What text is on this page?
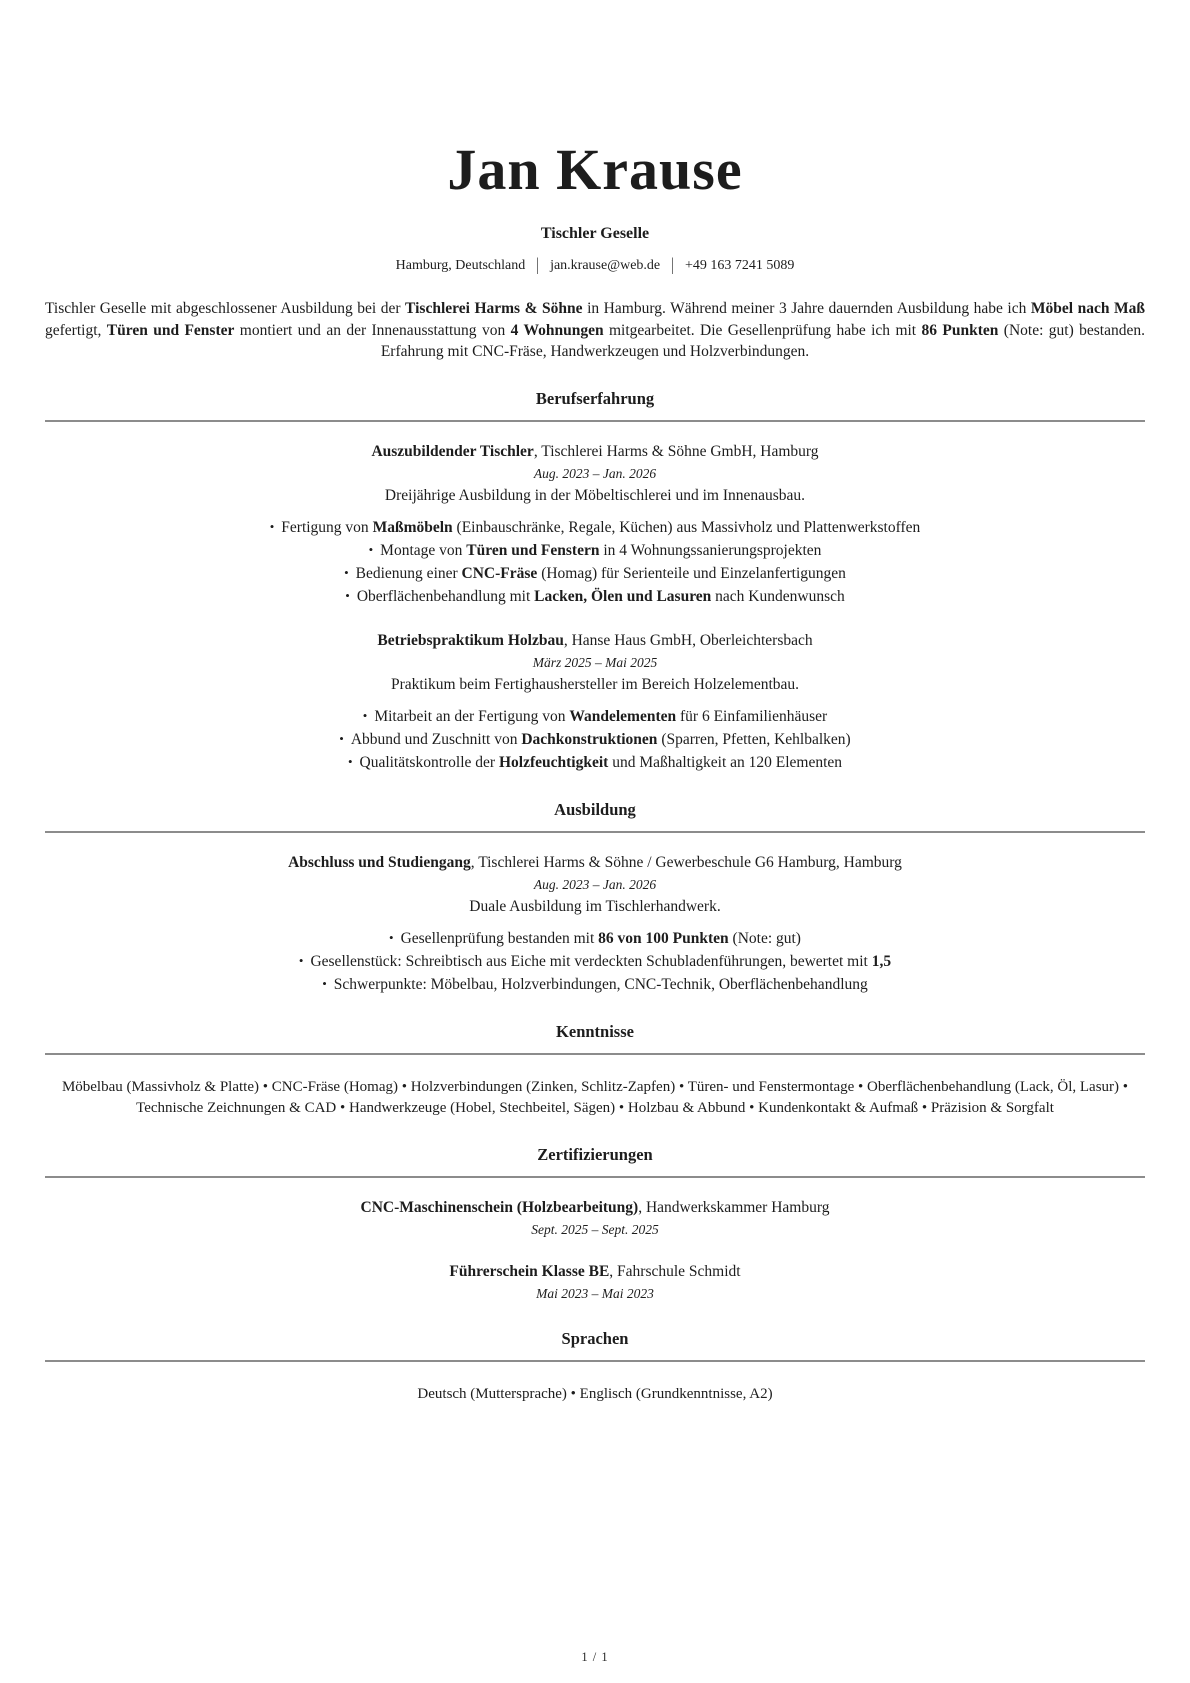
Jan Krause
Tischler Geselle
Hamburg, Deutschland | jan.krause@web.de | +49 163 7241 5089

Tischler Geselle mit abgeschlossener Ausbildung bei der Tischlerei Harms & Söhne in Hamburg. Während meiner 3 Jahre dauernden Ausbildung habe ich Möbel nach Maß gefertigt, Türen und Fenster montiert und an der Innenausstattung von 4 Wohnungen mitgearbeitet. Die Gesellenprüfung habe ich mit 86 Punkten (Note: gut) bestanden. Erfahrung mit CNC-Fräse, Handwerkzeugen und Holzverbindungen.

Berufserfahrung
Auszubildender Tischler, Tischlerei Harms & Söhne GmbH, Hamburg
Aug. 2023 – Jan. 2026
Dreijährige Ausbildung in der Möbeltischlerei und im Innenausbau.
• Fertigung von Maßmöbeln (Einbauschränke, Regale, Küchen) aus Massivholz und Plattenwerkstoffen
• Montage von Türen und Fenstern in 4 Wohnungssanierungsprojekten
• Bedienung einer CNC-Fräse (Homag) für Serienteile und Einzelanfertigungen
• Oberflächenbehandlung mit Lacken, Ölen und Lasuren nach Kundenwunsch
Betriebspraktikum Holzbau, Hanse Haus GmbH, Oberleichtersbach
März 2025 – Mai 2025
Praktikum beim Fertighaushersteller im Bereich Holzelementbau.
• Mitarbeit an der Fertigung von Wandelementen für 6 Einfamilienhäuser
• Abbund und Zuschnitt von Dachkonstruktionen (Sparren, Pfetten, Kehlbalken)
• Qualitätskontrolle der Holzfeuchtigkeit und Maßhaltigkeit an 120 Elementen
Ausbildung
Abschluss und Studiengang, Tischlerei Harms & Söhne / Gewerbeschule G6 Hamburg, Hamburg
Aug. 2023 – Jan. 2026
Duale Ausbildung im Tischlerhandwerk.
• Gesellenprüfung bestanden mit 86 von 100 Punkten (Note: gut)
• Gesellenstück: Schreibtisch aus Eiche mit verdeckten Schubladenführungen, bewertet mit 1,5
• Schwerpunkte: Möbelbau, Holzverbindungen, CNC-Technik, Oberflächenbehandlung
Kenntnisse

Möbelbau (Massivholz & Platte) • CNC-Fräse (Homag) • Holzverbindungen (Zinken, Schlitz-Zapfen) • Türen- und Fenstermontage • Oberflächenbehandlung (Lack, Öl, Lasur) • Technische Zeichnungen & CAD • Handwerkzeuge (Hobel, Stechbeitel, Sägen) • Holzbau & Abbund • Kundenkontakt & Aufmaß • Präzision & Sorgfalt

Zertifizierungen
CNC-Maschinenschein (Holzbearbeitung), Handwerkskammer Hamburg
Sept. 2025 – Sept. 2025
Führerschein Klasse BE, Fahrschule Schmidt
Mai 2023 – Mai 2023
Sprachen

Deutsch (Muttersprache) • Englisch (Grundkenntnisse, A2)

1 / 1
